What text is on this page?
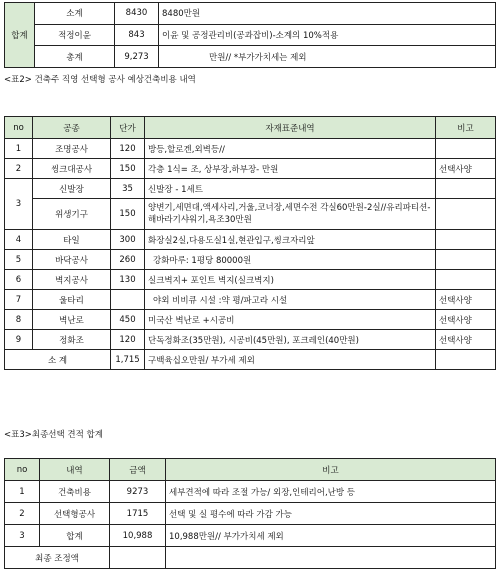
합계	소계	8430	8480만원
	적정이윤	843	이윤 및 공정관리비(공과잡비)-소계의 10%적용
	총계	9,273	만원// *부가가치세는 제외
<표2> 건축주 직영 선택형 공사 예상건축비용 내역
no	공종	단가	자재표준내역	비고
1	조명공사	120	방등,할로겐,외벽등//	
2	씽크대공사	150	각층 1식= 조, 상부장,하부장- 만원	선택사양
3	신발장	35	신발장 - 1세트	
	위생기구	150	양변기,세면대,액세사리,거울,코너장,세면수전 각실60만원-2실//유리파티션-해바라기샤워기,욕조30만원	
4	타일	300	화장실2실,다용도실1실,현관입구,씽크자리앞	
5	바닥공사	260	강화마루: 1평당 80000원	
6	벽지공사	130	실크벽지+ 포인트 벽지(실크벽지)	
7	울타리		야외 비비큐 시설 :약 평/파고라 시설	선택사양
8	벽난로	450	미국산 벽난로 +시공비	선택사양
9	정화조	120	단독정화조(35만원), 시공비(45만원), 포크레인(40만원)	선택사양
소 계		1,715	구백육십오만원/ 부가세 제외	
<표3>최종선택 견적 합계
no	내역	금액	비고
1	건축비용	9273	세부견적에 따라 조절 가능/ 외장,인테리어,난방 등
2	선택형공사	1715	선택 및 실 평수에 따라 가감 가능
3	합계	10,988	10,988만원// 부가가치세 제외
최종 조정액			
